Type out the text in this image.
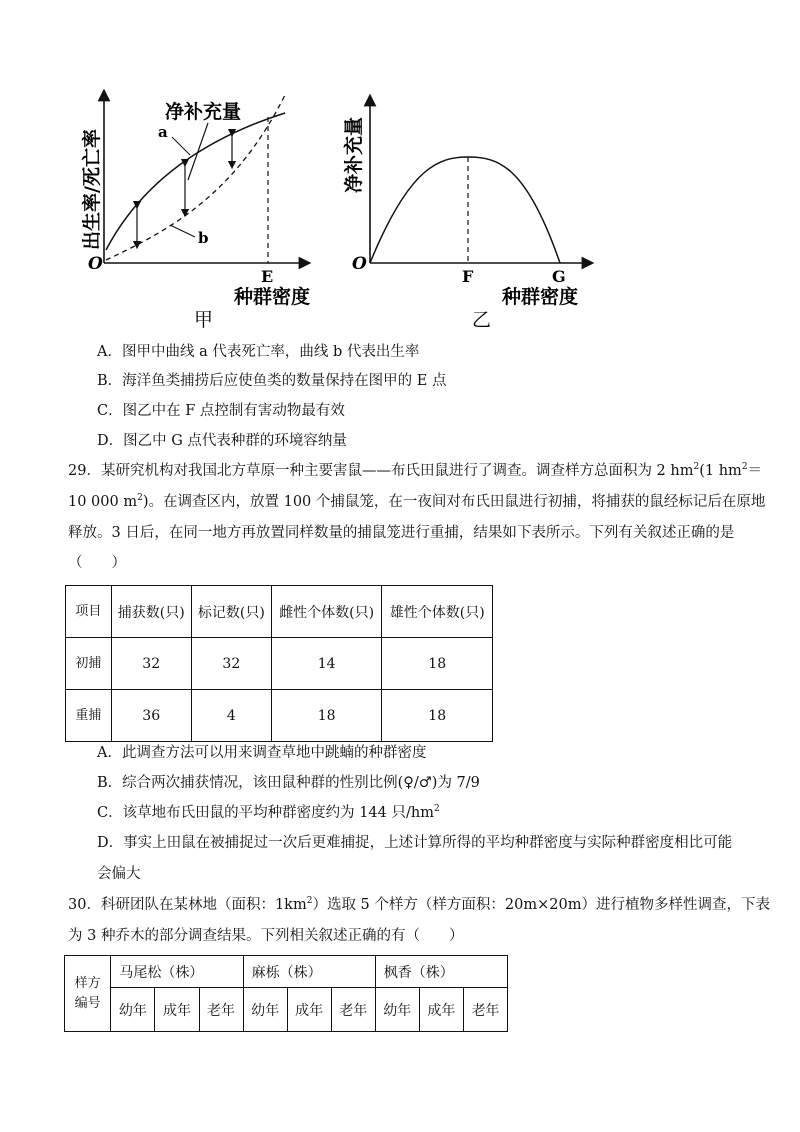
净补充量
a
b
O
E
种群密度
出生率/死亡率
甲
净补充量
O
F	G
种群密度
乙
A．图甲中曲线 a 代表死亡率，曲线 b 代表出生率
B．海洋鱼类捕捞后应使鱼类的数量保持在图甲的 E 点
C．图乙中在 F 点控制有害动物最有效
D．图乙中 G 点代表种群的环境容纳量
29．某研究机构对我国北方草原一种主要害鼠——布氏田鼠进行了调查。调查样方总面积为 2 $hm^2(1$ $hm^2=$
10 000 $m^2$)。在调查区内，放置 100 个捕鼠笼，在一夜间对布氏田鼠进行初捕，将捕获的鼠经标记后在原地
释放。3 日后，在同一地方再放置同样数量的捕鼠笼进行重捕，结果如下表所示。下列有关叙述正确的是
（　　）
项目	捕获数(只)	标记数(只)	雌性个体数(只)	雄性个体数(只)

初捕	32	32	14	18

重捕	36	4	18	18
A．此调查方法可以用来调查草地中跳蝻的种群密度
B．综合两次捕获情况，该田鼠种群的性别比例(♀/♂)为 7/9
C．该草地布氏田鼠的平均种群密度约为 144 只$/hm^2$
D．事实上田鼠在被捕捉过一次后更难捕捉，上述计算所得的平均种群密度与实际种群密度相比可能
会偏大
30．科研团队在某林地（面积：$1km^2$）选取 5 个样方（样方面积：20m×20m）进行植物多样性调查，下表
为 3 种乔木的部分调查结果。下列相关叙述正确的有（　　）
样方编号	马尾松（株）			麻栎（株）			枫香（株）		
	幼年	成年	老年	幼年	成年	老年	幼年	成年	老年
